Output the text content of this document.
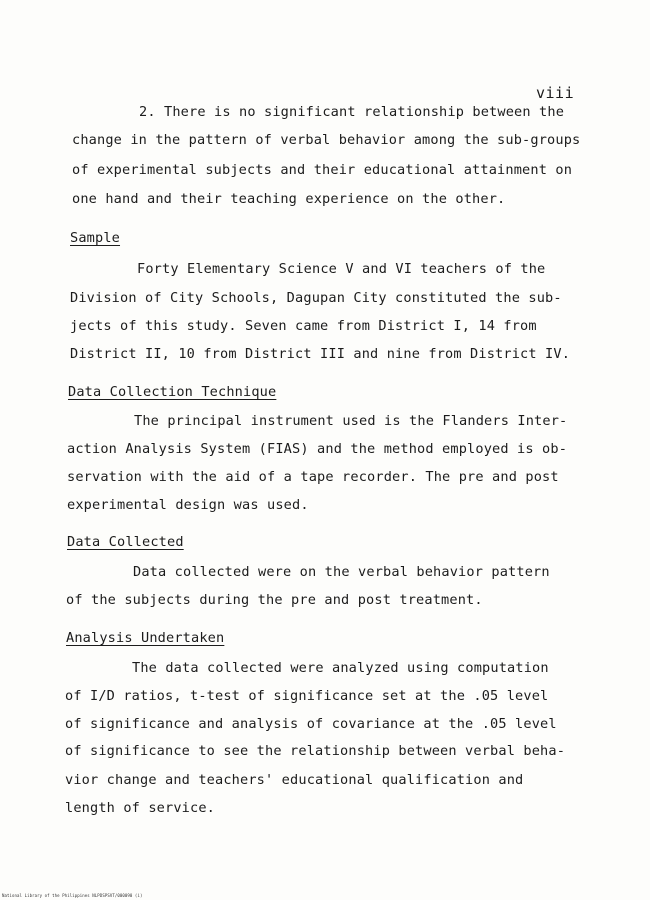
viii
2. There is no significant relationship between the
change in the pattern of verbal behavior among the sub-groups
of experimental subjects and their educational attainment on
one hand and their teaching experience on the other.
Sample
Forty Elementary Science V and VI teachers of the
Division of City Schools, Dagupan City constituted the sub-
jects of this study. Seven came from District I, 14 from
District II, 10 from District III and nine from District IV.
Data Collection Technique
The principal instrument used is the Flanders Inter-
action Analysis System (FIAS) and the method employed is ob-
servation with the aid of a tape recorder. The pre and post
experimental design was used.
Data Collected
Data collected were on the verbal behavior pattern
of the subjects during the pre and post treatment.
Analysis Undertaken
The data collected were analyzed using computation
of I/D ratios, t-test of significance set at the .05 level
of significance and analysis of covariance at the .05 level
of significance to see the relationship between verbal beha-
vior change and teachers' educational qualification and
length of service.
National Library of the Philippines NLPDSPSVT/000090 (i)
